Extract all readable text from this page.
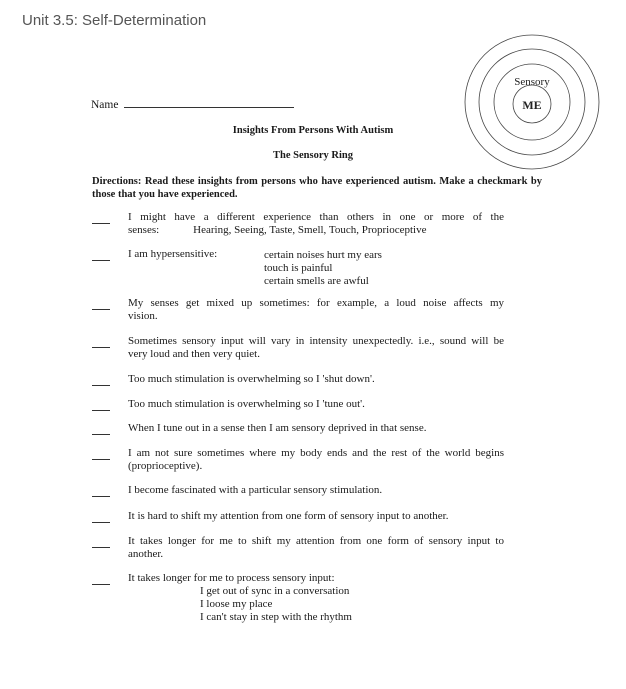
Unit 3.5: Self-Determination
Sensory
ME
Name
Insights From Persons With Autism
The Sensory Ring
Directions: Read these insights from persons who have experienced autism. Make a checkmark by those that you have experienced.
I might have a different experience than others in one or more of the
senses:	Hearing, Seeing, Taste, Smell, Touch, Proprioceptive
I am hypersensitive:	certain noises hurt my ears
touch is painful
certain smells are awful
My senses get mixed up sometimes: for example, a loud noise affects my
vision.
Sometimes sensory input will vary in intensity unexpectedly. i.e., sound will be
very loud and then very quiet.
Too much stimulation is overwhelming so I 'shut down'.
Too much stimulation is overwhelming so I 'tune out'.
When I tune out in a sense then I am sensory deprived in that sense.
I am not sure sometimes where my body ends and the rest of the world begins
(proprioceptive).
I become fascinated with a particular sensory stimulation.
It is hard to shift my attention from one form of sensory input to another.
It takes longer for me to shift my attention from one form of sensory input to
another.
It takes longer for me to process sensory input:
I get out of sync in a conversation
I loose my place
I can't stay in step with the rhythm
